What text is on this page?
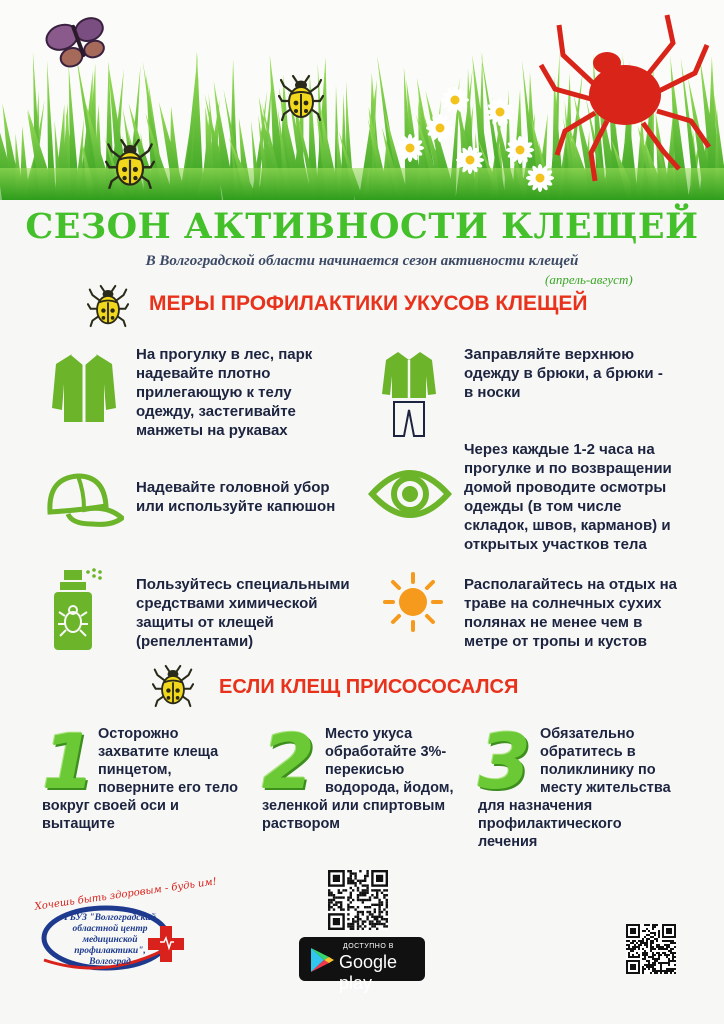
СЕЗОН АКТИВНОСТИ КЛЕЩЕЙ
В Волгоградской области начинается сезон активности клещей
(апрель-август)
МЕРЫ ПРОФИЛАКТИКИ УКУСОВ КЛЕЩЕЙ
На прогулку в лес, парк надевайте плотно прилегающую к телу одежду, застегивайте манжеты на рукавах
Заправляйте верхнюю одежду в брюки, а брюки - в носки
Надевайте головной убор или используйте капюшон
Через каждые 1-2 часа на прогулке и по возвращении домой проводите осмотры одежды (в том числе складок, швов, карманов) и открытых участков тела
Пользуйтесь специальными средствами химической защиты от клещей (репеллентами)
Располагайтесь на отдых на траве на солнечных сухих полянах не менее чем в метре от тропы и кустов
ЕСЛИ КЛЕЩ ПРИСОСОСАЛСЯ
1 Осторожно захватите клеща пинцетом, поверните его тело
вокруг своей оси и вытащите
2 Место укуса обработайте 3%- перекисью водорода, йодом,
зеленкой или спиртовым раствором
3 Обязательно обратитесь в поликлинику по месту жительства
для назначения профилактического лечения
Хочешь быть здоровым - будь им!
ГБУЗ "Волгоградский
областной центр
медицинской
профилактики",
Волгоград
ДОСТУПНО В
Google play
